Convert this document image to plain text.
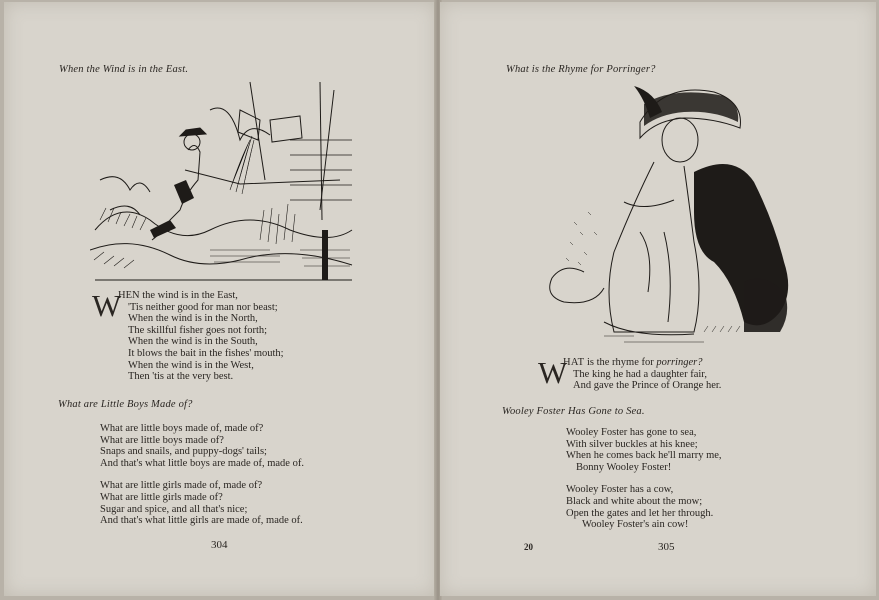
When the Wind is in the East.
W
HEN the wind is in the East,
'Tis neither good for man nor beast;
When the wind is in the North,
The skillful fisher goes not forth;
When the wind is in the South,
It blows the bait in the fishes' mouth;
When the wind is in the West,
Then 'tis at the very best.
What are Little Boys Made of?
What are little boys made of, made of?
What are little boys made of?
Snaps and snails, and puppy-dogs' tails;
And that's what little boys are made of, made of.
What are little girls made of, made of?
What are little girls made of?
Sugar and spice, and all that's nice;
And that's what little girls are made of, made of.
304
What is the Rhyme for Porringer?
W
HAT is the rhyme for porringer?
The king he had a daughter fair,
And gave the Prince of Orange her.
Wooley Foster Has Gone to Sea.
Wooley Foster has gone to sea,
With silver buckles at his knee;
When he comes back he'll marry me,
Bonny Wooley Foster!
Wooley Foster has a cow,
Black and white about the mow;
Open the gates and let her through.
Wooley Foster's ain cow!
20	305
